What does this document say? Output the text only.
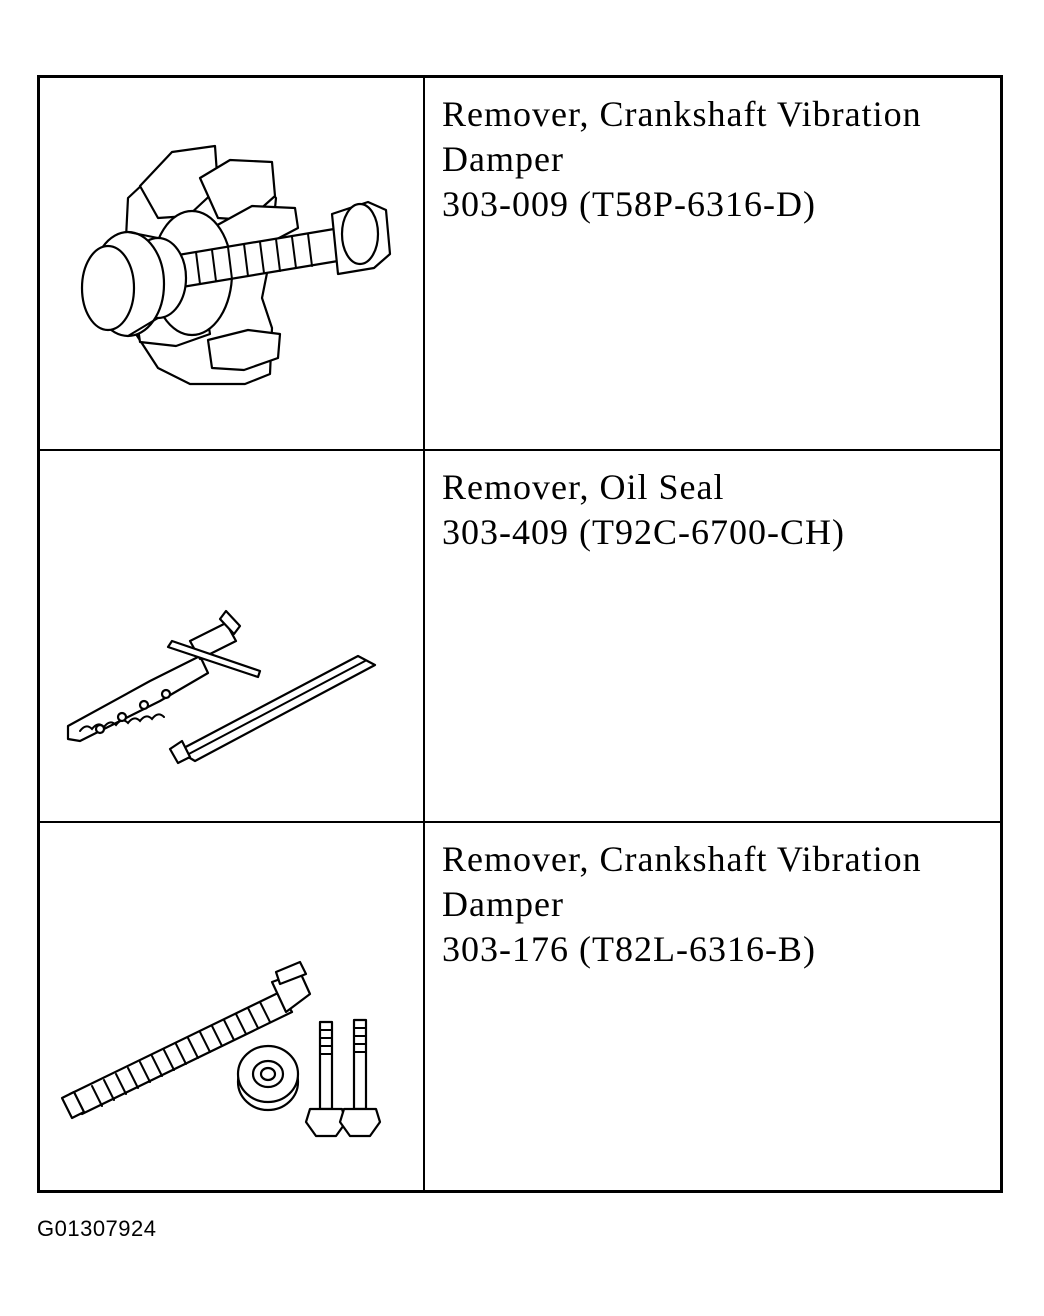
Remover, Crankshaft Vibration
Damper
303-009 (T58P-6316-D)
Remover, Oil Seal
303-409 (T92C-6700-CH)
Remover, Crankshaft Vibration
Damper
303-176 (T82L-6316-B)
G01307924
